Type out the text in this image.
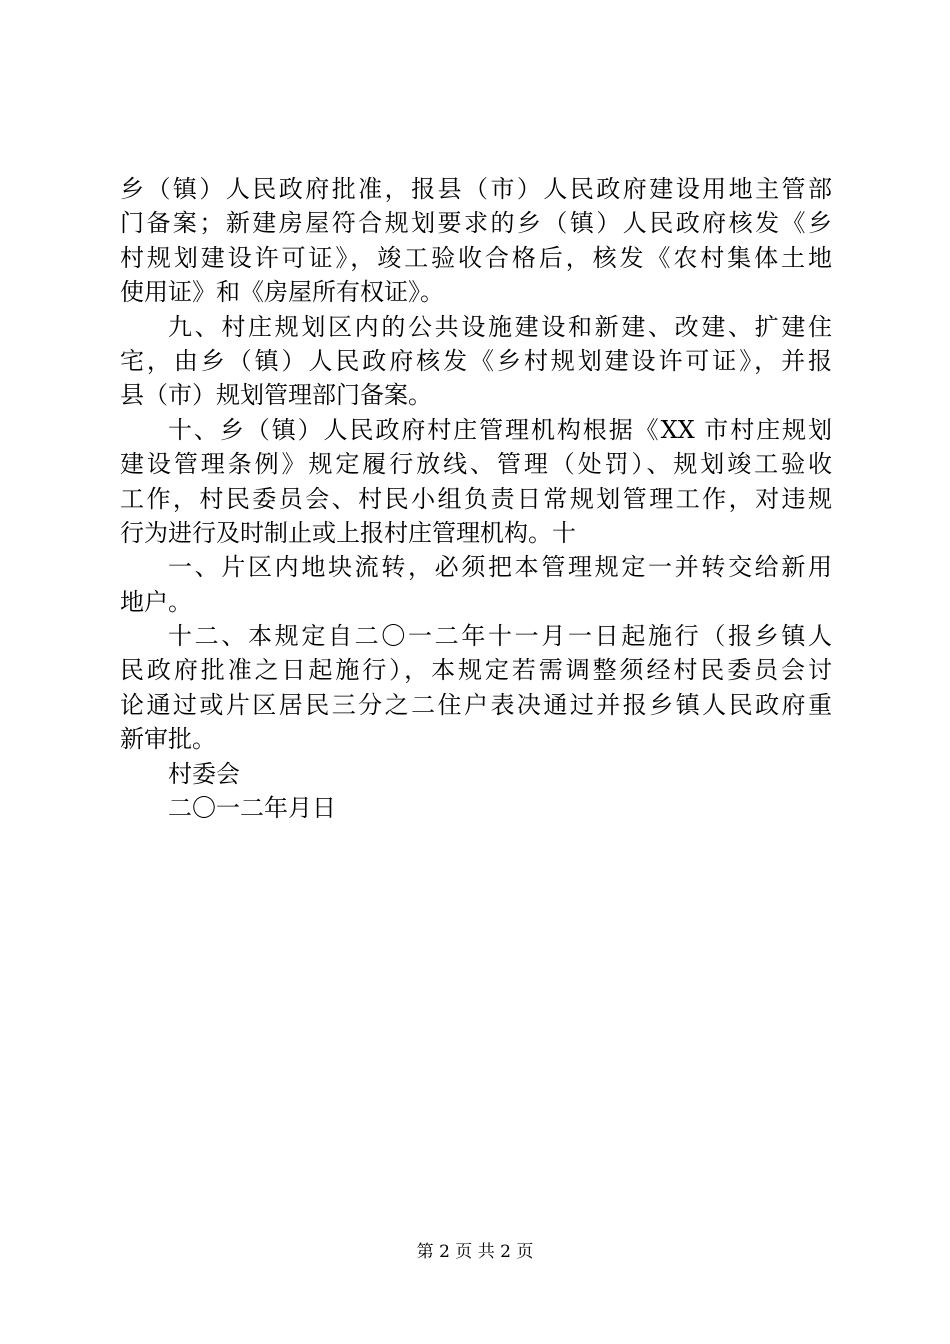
乡（镇）人民政府批准，报县（市）人民政府建设用地主管部
门备案；新建房屋符合规划要求的乡（镇）人民政府核发《乡
村规划建设许可证》，竣工验收合格后，核发《农村集体土地
使用证》和《房屋所有权证》。
九、村庄规划区内的公共设施建设和新建、改建、扩建住
宅，由乡（镇）人民政府核发《乡村规划建设许可证》，并报
县（市）规划管理部门备案。
十、乡（镇）人民政府村庄管理机构根据《XX 市村庄规划
建设管理条例》规定履行放线、管理（处罚）、规划竣工验收
工作，村民委员会、村民小组负责日常规划管理工作，对违规
行为进行及时制止或上报村庄管理机构。十
一、片区内地块流转，必须把本管理规定一并转交给新用
地户。
十二、本规定自二〇一二年十一月一日起施行（报乡镇人
民政府批准之日起施行），本规定若需调整须经村民委员会讨
论通过或片区居民三分之二住户表决通过并报乡镇人民政府重
新审批。
村委会
二〇一二年月日
第 2 页 共 2 页
